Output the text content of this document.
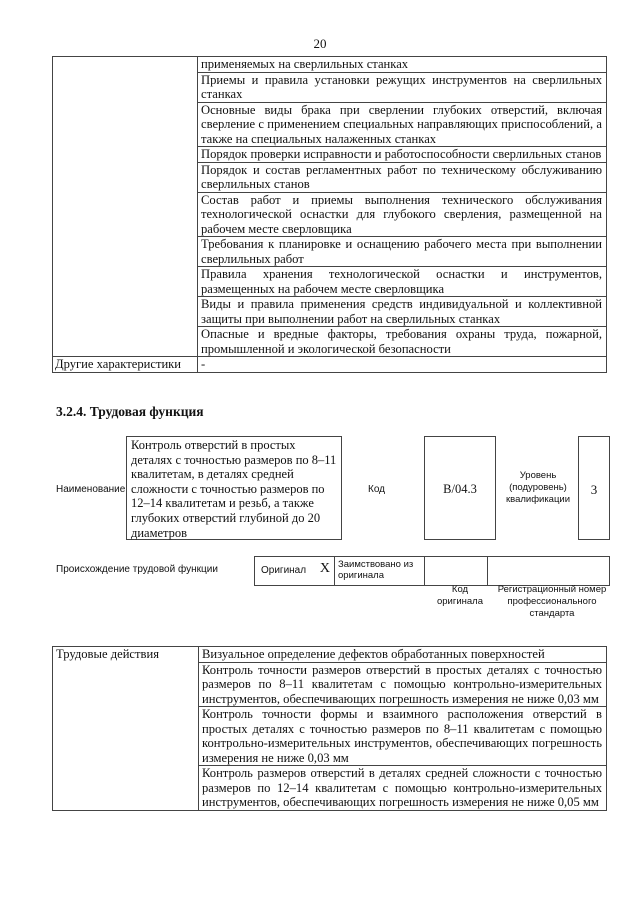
20
	применяемых на сверлильных станках
	Приемы и правила установки режущих инструментов на сверлильных станках
	Основные виды брака при сверлении глубоких отверстий, включая сверление с применением специальных направляющих приспособлений, а также на специальных налаженных станках
	Порядок проверки исправности и работоспособности сверлильных станов
	Порядок и состав регламентных работ по техническому обслуживанию сверлильных станов
	Состав работ и приемы выполнения технического обслуживания технологической оснастки для глубокого сверления, размещенной на рабочем месте сверловщика
	Требования к планировке и оснащению рабочего места при выполнении сверлильных работ
	Правила хранения технологической оснастки и инструментов, размещенных на рабочем месте сверловщика
	Виды и правила применения средств индивидуальной и коллективной защиты при выполнении работ на сверлильных станках
	Опасные и вредные факторы, требования охраны труда, пожарной, промышленной и экологической безопасности
Другие характеристики	-
3.2.4. Трудовая функция
Наименование
Контроль отверстий в простых деталях с точностью размеров по 8–11 квалитетам, в деталях средней сложности с точностью размеров по 12–14 квалитетам и резьб, а также глубоких отверстий глубиной до 20 диаметров
Код	В/04.3
Уровень (подуровень) квалификации
3
Происхождение трудовой функции	Оригинал X Заимствовано из оригинала
Код оригинала
Регистрационный номер профессионального стандарта
Трудовые действия	Визуальное определение дефектов обработанных поверхностей
Контроль точности размеров отверстий в простых деталях с точностью размеров по 8–11 квалитетам с помощью контрольно-измерительных инструментов, обеспечивающих погрешность измерения не ниже 0,03 мм
Контроль точности формы и взаимного расположения отверстий в простых деталях с точностью размеров по 8–11 квалитетам с помощью контрольно-измерительных инструментов, обеспечивающих погрешность измерения не ниже 0,03 мм
Контроль размеров отверстий в деталях средней сложности с точностью размеров по 12–14 квалитетам с помощью контрольно-измерительных инструментов, обеспечивающих погрешность измерения не ниже 0,05 мм
